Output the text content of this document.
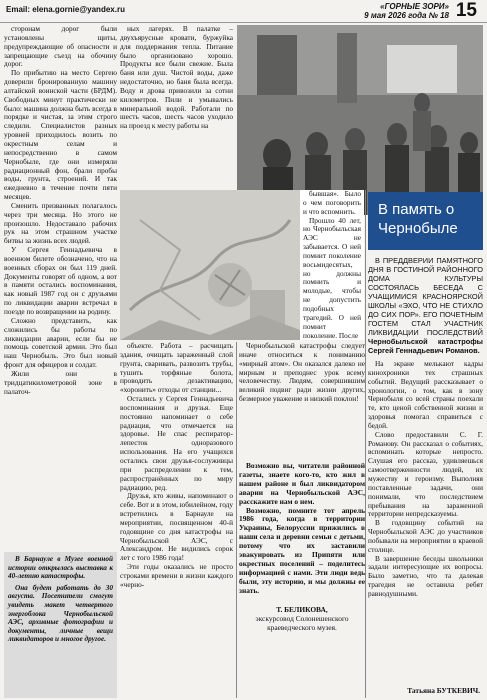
Email: elena.gornie@yandex.ru	«ГОРНЫЕ ЗОРИ»
9 мая 2026 года № 18 15

сторонам дорог были установлены щиты, предупреждающие об опасности и запрещающие съезд на обочину дорог.

По прибытию на место Сергею доверили бронированную машину алтайской воинской части (БРДМ). Свободных минут практически не было: машина должна быть всегда в порядке и чистая, за этим строго следили. Специалистов разных уровней приходилось возить по окрестным селам и непосредственно в самом Чернобыле, где они измеряли радиационный фон, брали пробы воды, грунта, строений. И так ежедневно в течение почти пяти месяцев.

Сменить призванных полагалось через три месяца. Но этого не произошло. Недоставало рабочих рук на этом страшном участке битвы за жизнь всех людей.

У Сергея Геннадьевича в военном билете обозначено, что на военных сборах он был 119 дней. Документы говорят об одном, а вот в памяти остались воспоминания, как новый 1987 год он с друзьями по ликвидации аварии встречал в поезде по возвращении на родину.

Сложно представить, как сложились бы работы по ликвидации аварии, если бы не помощь советской армии. Это был наш Чернобыль. Это был новый фронт для офицеров и солдат.

Жили они в тридцатикилометровой зоне в палаточ-

В Барнауле в Музее военной истории открылась выставка к 40-летию катастрофы.

Она будет работать до 30 августа. Посетители смогут увидеть макет четвертого энергоблока Чернобыльской АЭС, архивные фотографии и документы, личные вещи ликвидаторов и многое другое.

ных лагерях. В палатке – двухъярусные кровати, буржуйка для поддержания тепла. Питание было организовано хорошо. Продукты все были свежие. Была баня или душ. Чистой воды, даже недостаточно, но баня была всегда. Воду и дрова привозили за сотни километров. Пили и умывались минеральной водой. Работали по шесть часов, шесть часов уходило на проезд к месту работы на

бывшая». Было о чем поговорить и что вспомнить.

Прошло 40 лет, но Чернобыльская АЭС не забывается. О ней помнит поколение восьмидесятых, но должны помнить и молодые, чтобы не допустить подобных трагедий. О ней помнит поколение. После

объекте. Работа – расчищать здания, очищать зараженный слой грунта, сваривать, развозить трубы, тушить торфяные болота, проводить дезактивацию, «хоронить» отходы от станции...

Остались у Сергея Геннадьевича воспоминания и друзья. Еще постоянно напоминает о себе радиация, что отмечается на здоровье. Не спас респиратор-лепесток одноразового использования. На его учащихся остались свои друзья-сослуживцы при распределении к тем, распространённых по миру радиацию, ред.

Друзья, кто живы, напоминают о себе. Вот и в этом, юбилейном, году встретились в Барнауле на мероприятии, посвященном 40-й годовщине со дня катастрофы на Чернобыльской АЭС, с Александром. Не видились сорок лет с того 1986 года!

Эти годы оказались не просто строками времени в жизни каждого «черно-

Чернобыльской катастрофы следует иначе относиться к пониманию «мирный атом». Он оказался далеко не мирным и преподнес урок всему человечеству. Людям, совершившим великий подвиг ради жизни других, безмерное уважение и низкий поклон!

Возможно вы, читатели районной газеты, знаете кого-то, кто жил в нашем районе и был ликвидатором аварии на Чернобыльской АЭС, расскажите нам о нем.

Возможно, помните тот апрель 1986 года, когда в территории Украины, Белоруссии прижились в наши села и деревни семьи с детьми, потому что их заставили эвакуировать из Припяти или окрестных поселений – поделитесь информацией с нами. Эти люди ведь были, эту историю, и мы должны ее знать.

Т. БЕЛИКОВА,
экскурсовод Солонешенского краеведческого музея.
В память о Чернобыле

В ПРЕДДВЕРИИ ПАМЯТНОГО ДНЯ В ГОСТИНОЙ РАЙОННОГО ДОМА КУЛЬТУРЫ СОСТОЯЛАСЬ БЕСЕДА С УЧАЩИМИСЯ КРАСНОЯРСКОЙ ШКОЛЫ «ЭХО, ЧТО НЕ СТИХЛО ДО СИХ ПОР». ЕГО ПОЧЕТНЫМ ГОСТЕМ СТАЛ УЧАСТНИК ЛИКВИДАЦИИ ПОСЛЕДСТВИЙ Чернобыльской катастрофы Сергей Геннадьевич Романов.

На экране мелькают кадры кинохроники тех страшных событий. Ведущий рассказывает о хронологии, о том, как в зону Чернобыля со всей страны поехали те, кто ценой собственной жизни и здоровья помогал справиться с бедой.

Слово предоставили С. Г. Романову. Он рассказал о событиях, вспоминать которые непросто. Слушая его рассказ, удивляешься самоотверженности людей, их мужеству и героизму. Выполняя поставленные задачи, они понимали, что последствием пребывания на зараженной территории непредсказуемы.

В годовщину событий на Чернобыльской АЭС до участников побывали на мероприятии в краевой столице.

В завершение беседы школьники задали интересующие их вопросы. Было заметно, что та далекая трагедия не оставила ребят равнодушными.

Татьяна БУТКЕВИЧ.
